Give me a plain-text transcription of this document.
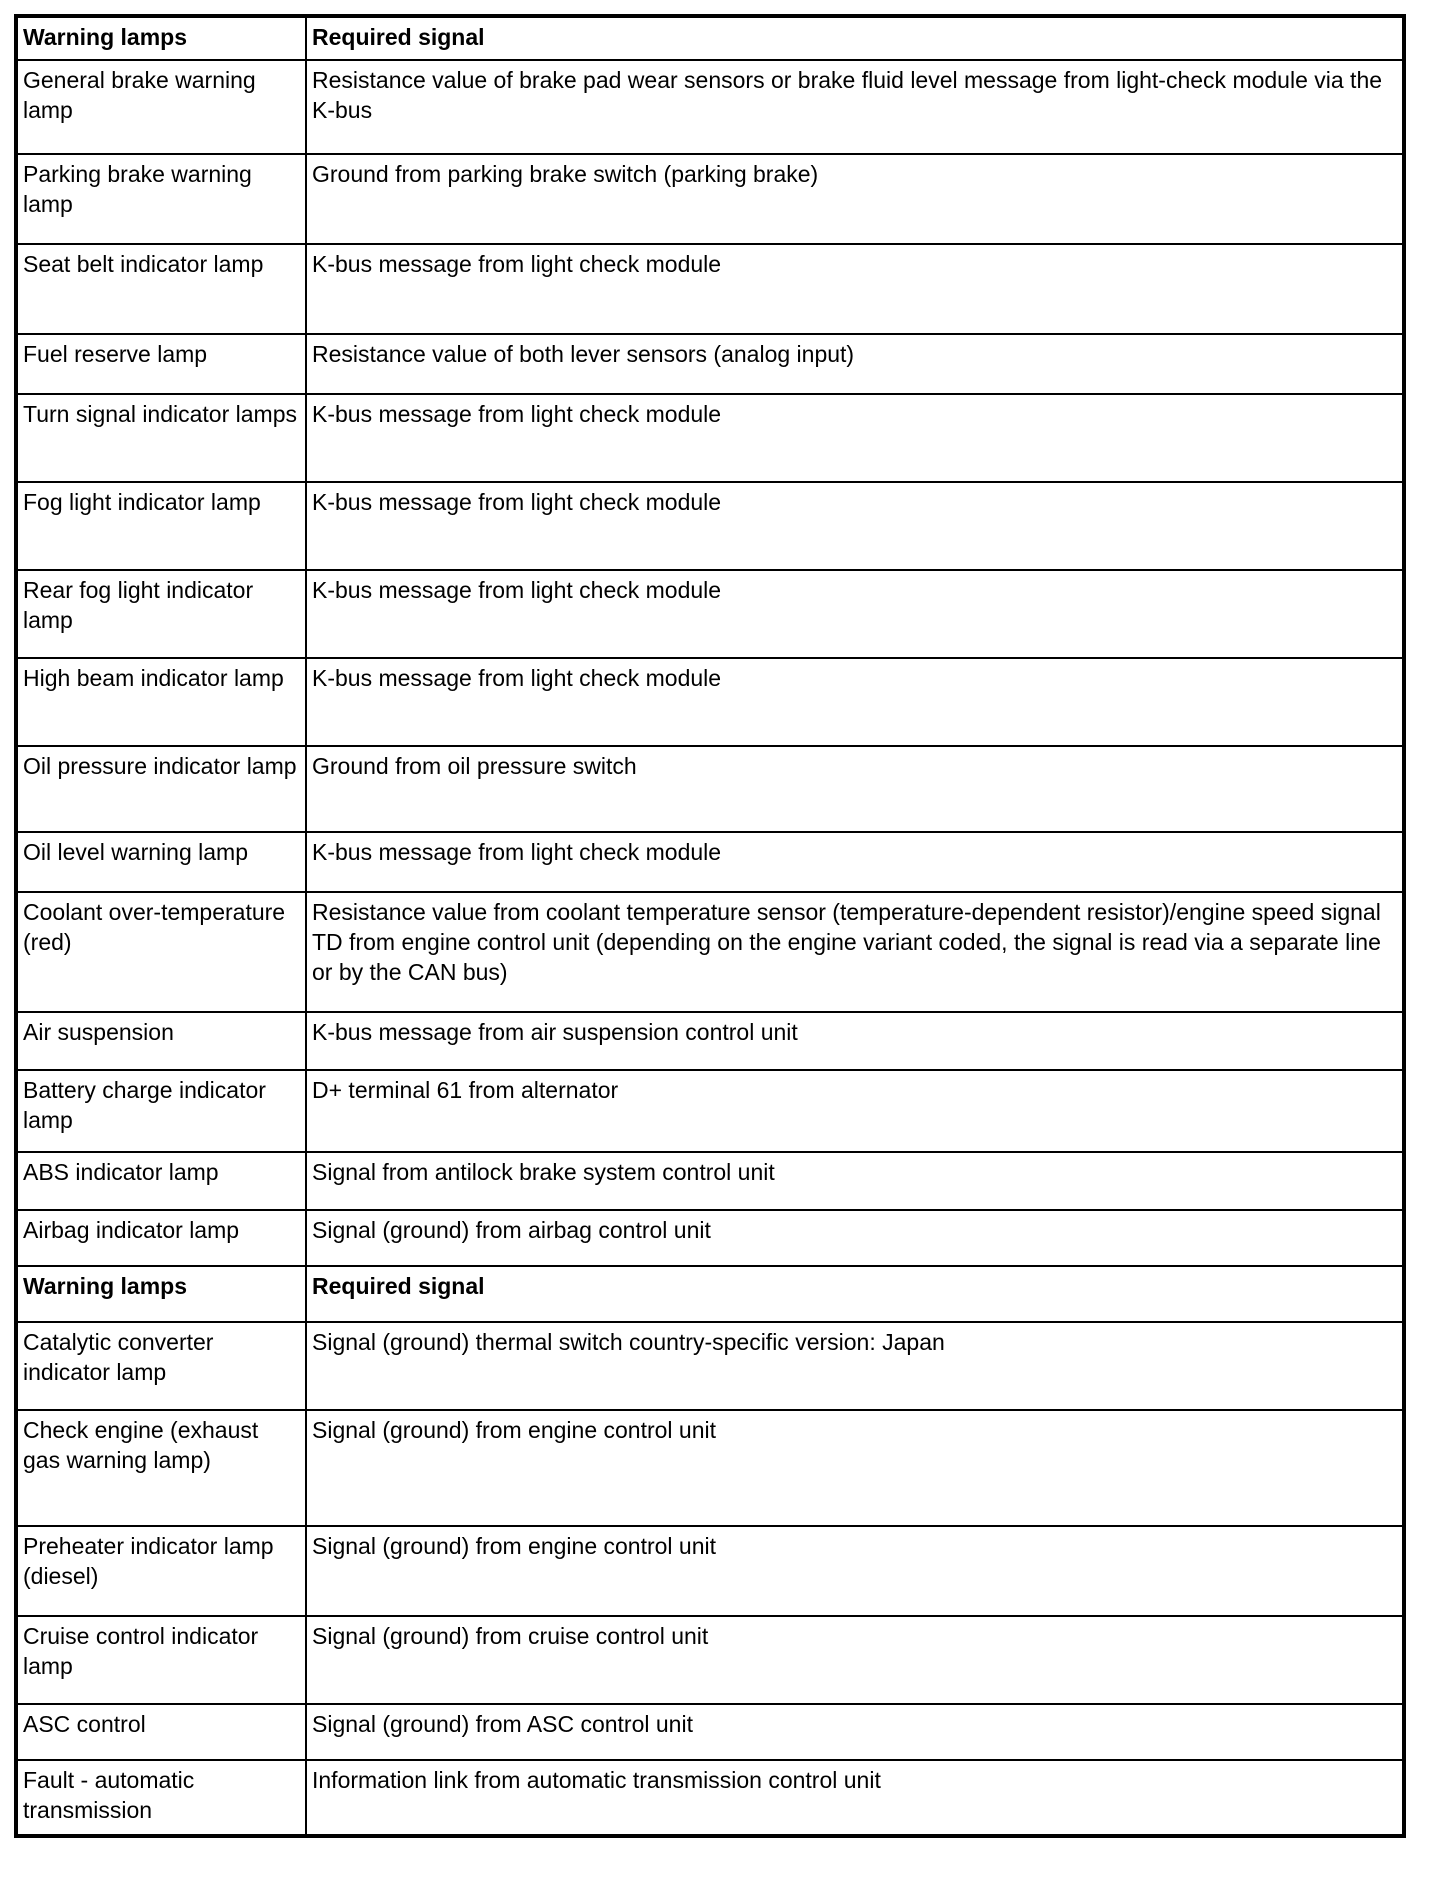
Warning lamps	Required signal
General brake warning lamp	Resistance value of brake pad wear sensors or brake fluid level message from light-check module via the K-bus
Parking brake warning lamp	Ground from parking brake switch (parking brake)
Seat belt indicator lamp	K-bus message from light check module
Fuel reserve lamp	Resistance value of both lever sensors (analog input)
Turn signal indicator lamps	K-bus message from light check module
Fog light indicator lamp	K-bus message from light check module
Rear fog light indicator lamp	K-bus message from light check module
High beam indicator lamp	K-bus message from light check module
Oil pressure indicator lamp	Ground from oil pressure switch
Oil level warning lamp	K-bus message from light check module
Coolant over-temperature (red)	Resistance value from coolant temperature sensor (temperature-dependent resistor)/engine speed signal TD from engine control unit (depending on the engine variant coded, the signal is read via a separate line or by the CAN bus)
Air suspension	K-bus message from air suspension control unit
Battery charge indicator lamp	D+ terminal 61 from alternator
ABS indicator lamp	Signal from antilock brake system control unit
Airbag indicator lamp	Signal (ground) from airbag control unit
Warning lamps	Required signal
Catalytic converter indicator lamp	Signal (ground) thermal switch country-specific version: Japan
Check engine (exhaust gas warning lamp)	Signal (ground) from engine control unit
Preheater indicator lamp (diesel)	Signal (ground) from engine control unit
Cruise control indicator lamp	Signal (ground) from cruise control unit
ASC control	Signal (ground) from ASC control unit
Fault - automatic transmission	Information link from automatic transmission control unit
